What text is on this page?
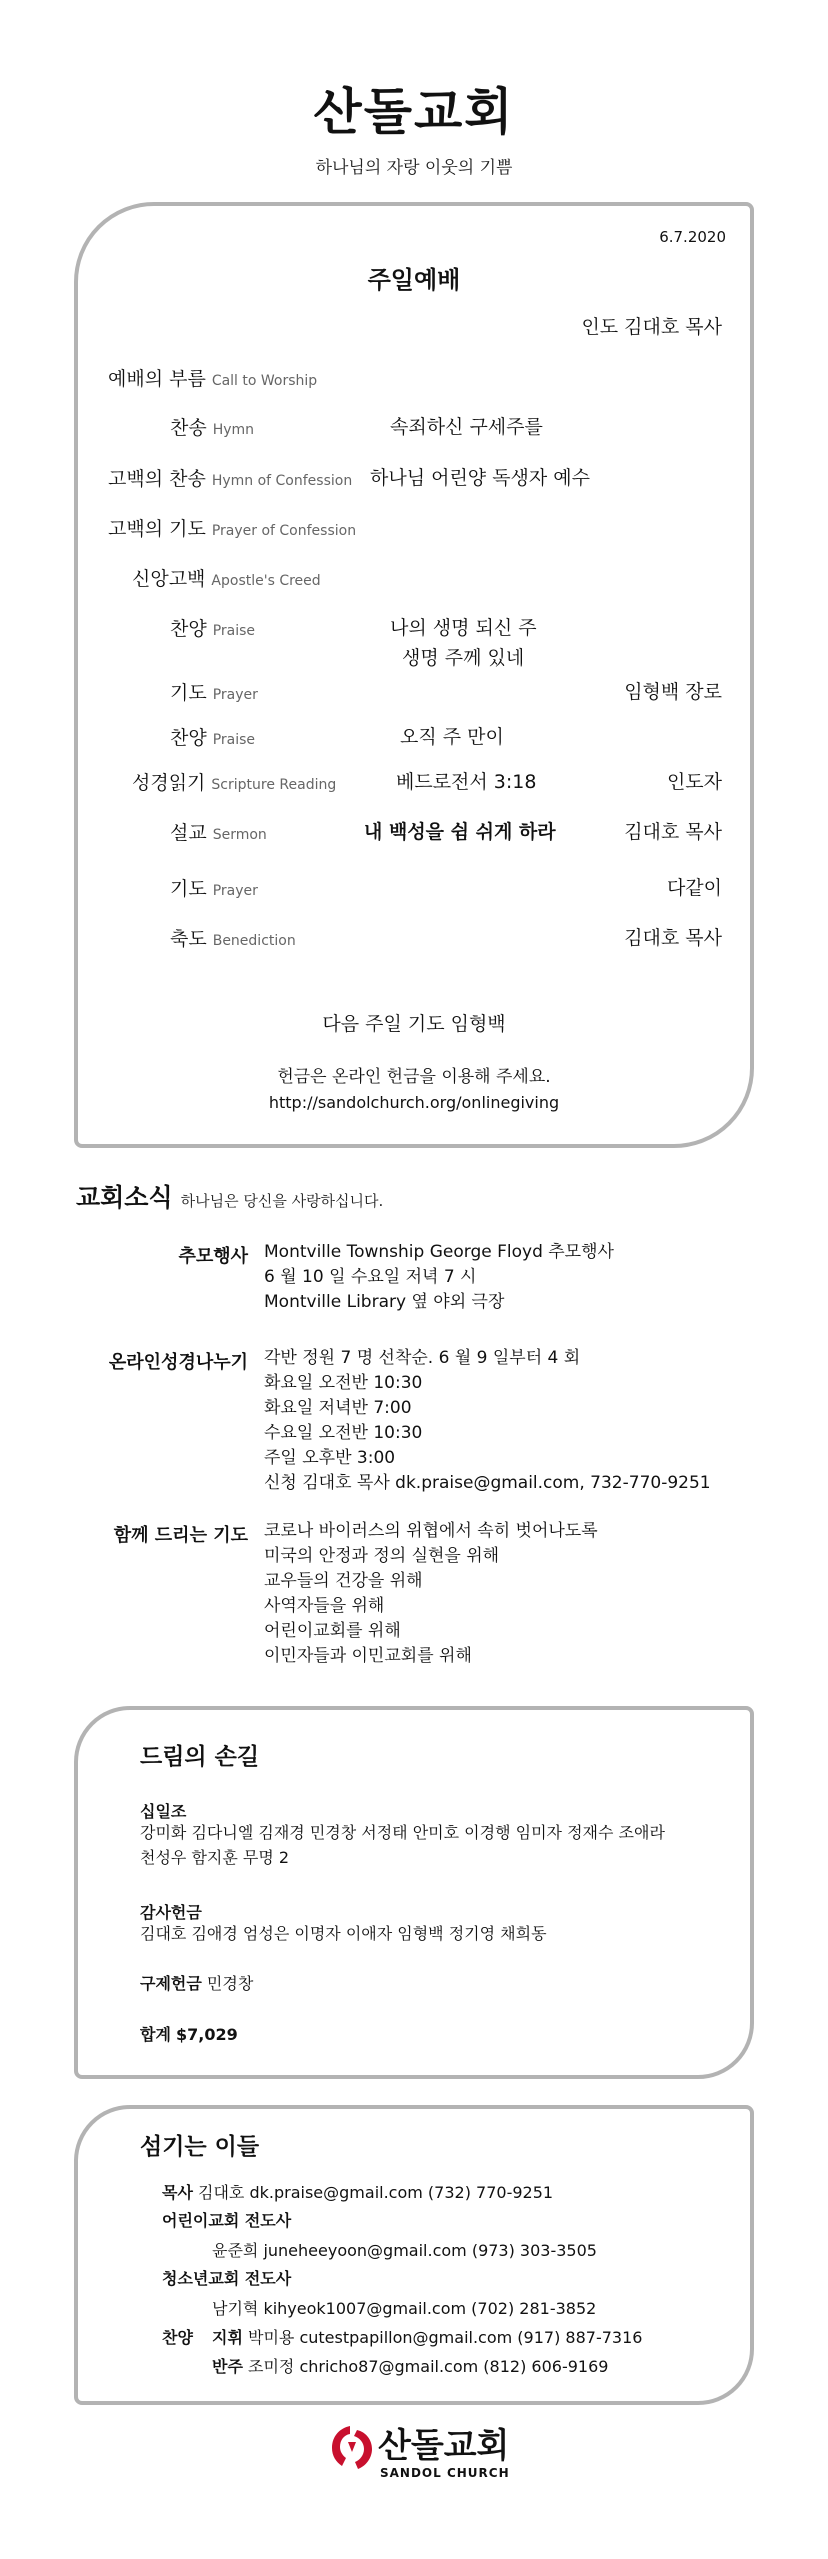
산돌교회
하나님의 자랑 이웃의 기쁨
6.7.2020
주일예배
인도 김대호 목사
예배의 부름 Call to Worship
찬송 Hymn	속죄하신 구세주를
고백의 찬송 Hymn of Confession 하나님 어린양 독생자 예수
고백의 기도 Prayer of Confession
신앙고백 Apostle's Creed
찬양 Praise	나의 생명 되신 주
생명 주께 있네
기도 Prayer	임형백 장로
찬양 Praise	오직 주 만이
성경읽기 Scripture Reading	베드로전서 3:18	인도자
설교 Sermon	내 백성을 쉼 쉬게 하라	김대호 목사
기도 Prayer	다같이
축도 Benediction	김대호 목사
다음 주일 기도 임형백
헌금은 온라인 헌금을 이용해 주세요.
http://sandolchurch.org/onlinegiving
교회소식 하나님은 당신을 사랑하십니다.
추모행사 Montville Township George Floyd 추모행사
6 월 10 일 수요일 저녁 7 시
Montville Library 옆 야외 극장
온라인성경나누기 각반 정원 7 명 선착순. 6 월 9 일부터 4 회
화요일 오전반 10:30
화요일 저녁반 7:00
수요일 오전반 10:30
주일 오후반 3:00
신청 김대호 목사 dk.praise@gmail.com, 732-770-9251
함께 드리는 기도 코로나 바이러스의 위협에서 속히 벗어나도록
미국의 안정과 정의 실현을 위해
교우들의 건강을 위해
사역자들을 위해
어린이교회를 위해
이민자들과 이민교회를 위해
드림의 손길
십일조
강미화 김다니엘 김재경 민경창 서정태 안미호 이경행 임미자 정재수 조애라
천성우 함지훈 무명 2
감사헌금
김대호 김애경 엄성은 이명자 이애자 임형백 정기영 채희동
구제헌금 민경창
합계 $7,029
섬기는 이들
목사 김대호 dk.praise@gmail.com (732) 770-9251
어린이교회 전도사
윤준희 juneheeyoon@gmail.com (973) 303-3505
청소년교회 전도사
남기혁 kihyeok1007@gmail.com (702) 281-3852
찬양 지휘 박미용 cutestpapillon@gmail.com (917) 887-7316
반주 조미정 chricho87@gmail.com (812) 606-9169
산돌교회
SANDOL CHURCH
